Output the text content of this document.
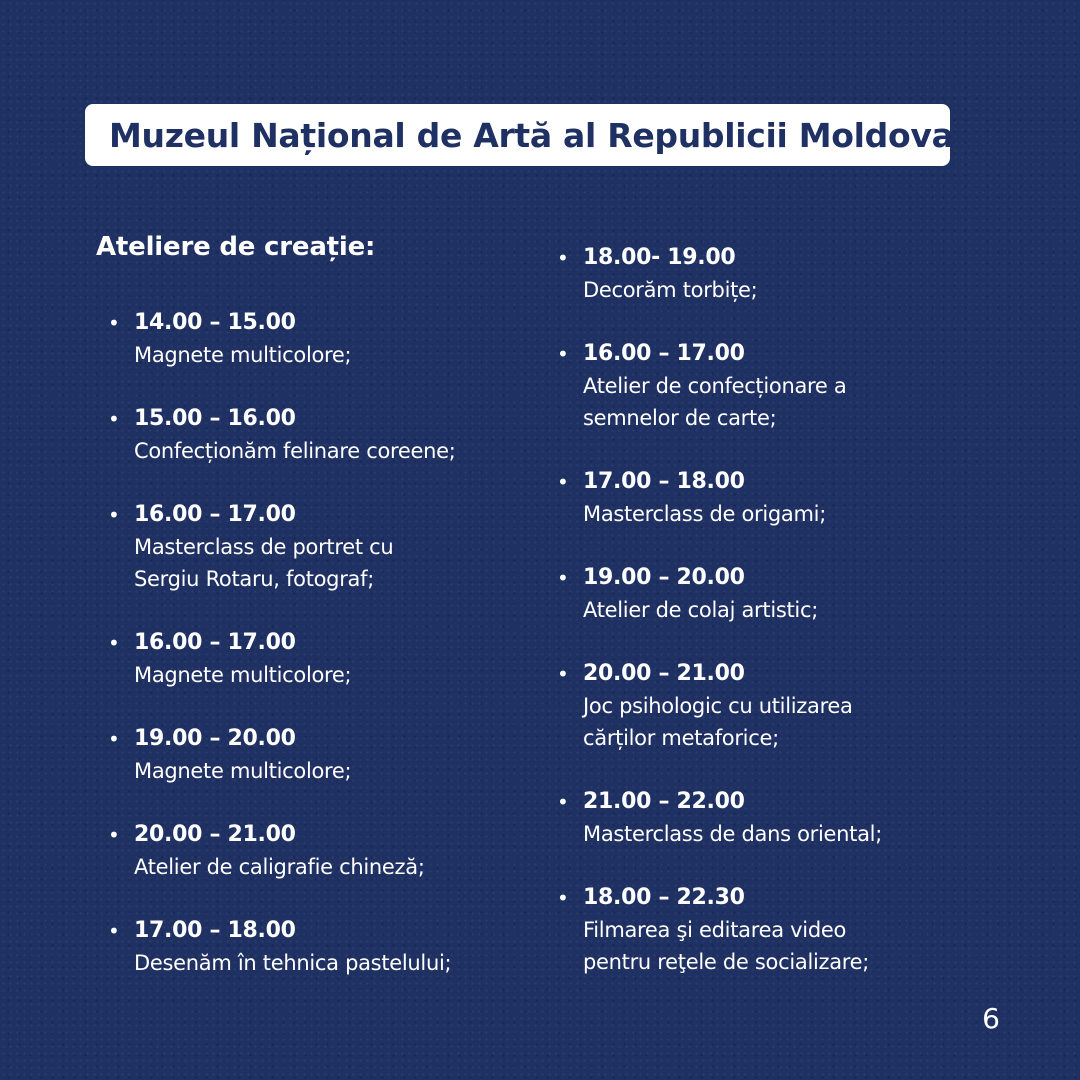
Muzeul Național de Artă al Republicii Moldova
Ateliere de creație:
• 14.00 – 15.00
Magnete multicolore;
• 15.00 – 16.00
Confecționăm felinare coreene;
• 16.00 – 17.00
Masterclass de portret cu
Sergiu Rotaru, fotograf;
• 16.00 – 17.00
Magnete multicolore;
• 19.00 – 20.00
Magnete multicolore;
• 20.00 – 21.00
Atelier de caligrafie chineză;
• 17.00 – 18.00
Desenăm în tehnica pastelului;
• 18.00- 19.00
Decorăm torbițe;
• 16.00 – 17.00
Atelier de confecționare a
semnelor de carte;
• 17.00 – 18.00
Masterclass de origami;
• 19.00 – 20.00
Atelier de colaj artistic;
• 20.00 – 21.00
Joc psihologic cu utilizarea
cărților metaforice;
• 21.00 – 22.00
Masterclass de dans oriental;
• 18.00 – 22.30
Filmarea şi editarea video
pentru reţele de socializare;
6
